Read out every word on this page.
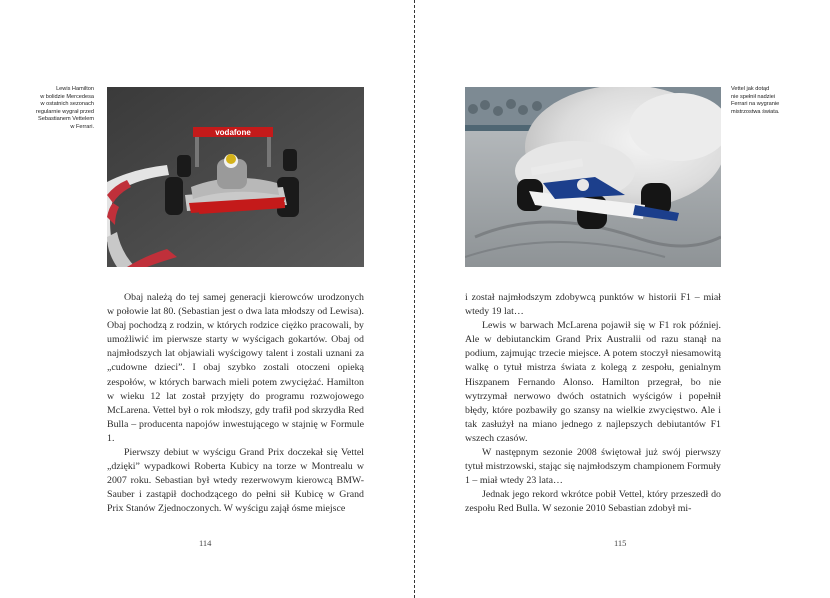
Lewis Hamilton
w bolidzie Mercedesa
w ostatnich sezonach
regularnie wygrał przed
Sebastianem Vettelem
w Ferrari.
vodafone

Obaj należą do tej samej generacji kierowców urodzonych w połowie lat 80. (Sebastian jest o dwa lata młodszy od Lewisa). Obaj pochodzą z rodzin, w których rodzice ciężko pracowali, by umożliwić im pierwsze starty w wyścigach gokartów. Obaj od najmłodszych lat objawiali wyścigowy talent i zostali uznani za „cudowne dzieci”. I obaj szybko zostali otoczeni opieką zespołów, w których barwach mieli potem zwyciężać. Hamilton w wieku 12 lat został przyjęty do programu rozwojowego McLarena. Vettel był o rok młodszy, gdy trafił pod skrzydła Red Bulla – producenta napojów inwestującego w stajnię w Formule 1.

Pierwszy debiut w wyścigu Grand Prix doczekał się Vettel „dzięki” wypadkowi Roberta Kubicy na torze w Montrealu w 2007 roku. Sebastian był wtedy rezerwowym kierowcą BMW-Sauber i zastąpił dochodzącego do pełni sił Kubicę w Grand Prix Stanów Zjednoczonych. W wyścigu zajął ósme miejsce

114
Vettel jak dotąd
nie spełnił nadziei
Ferrari na wygranie
mistrzostwa świata.

i został najmłodszym zdobywcą punktów w historii F1 – miał wtedy 19 lat…

Lewis w barwach McLarena pojawił się w F1 rok później. Ale w debiutanckim Grand Prix Australii od razu stanął na podium, zajmując trzecie miejsce. A potem stoczył niesamowitą walkę o tytuł mistrza świata z kolegą z zespołu, genialnym Hiszpanem Fernando Alonso. Hamilton przegrał, bo nie wytrzymał nerwowo dwóch ostatnich wyścigów i popełnił błędy, które pozbawiły go szansy na wielkie zwycięstwo. Ale i tak zasłużył na miano jednego z najlepszych debiutantów F1 wszech czasów.

W następnym sezonie 2008 świętował już swój pierwszy tytuł mistrzowski, stając się najmłodszym championem Formuły 1 – miał wtedy 23 lata…

Jednak jego rekord wkrótce pobił Vettel, który przeszedł do zespołu Red Bulla. W sezonie 2010 Sebastian zdobył mi-

115
